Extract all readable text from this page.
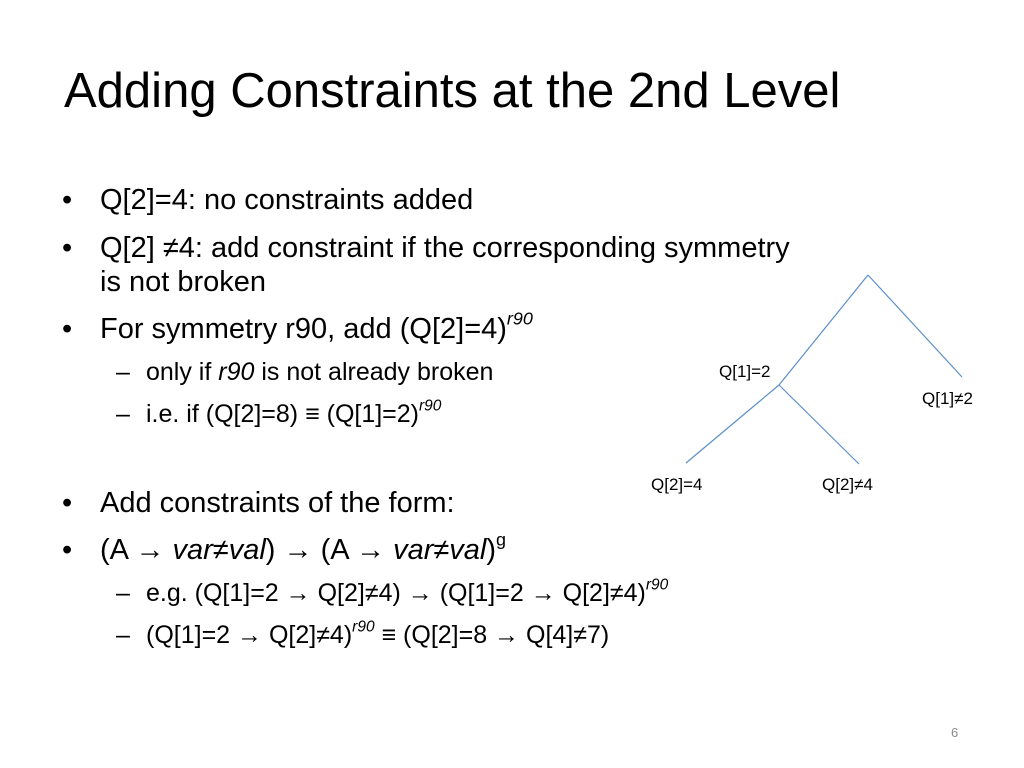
Adding Constraints at the 2nd Level
• Q[2]=4: no constraints added
• Q[2] ≠4: add constraint if the corresponding symmetry
is not broken
• For symmetry r90, add (Q[2]=4)$^{r90}$
– only if r90 is not already broken
– i.e. if (Q[2]=8) ≡ (Q[1]=2)$^{r90}$
• Add constraints of the form:
• (A → var≠val) → (A → var≠val)$^g$
– e.g. (Q[1]=2 → Q[2]≠4) → (Q[1]=2 → Q[2]≠4)$^{r90}$
– (Q[1]=2 → Q[2]≠4)$^{r90}$ ≡ (Q[2]=8 → Q[4]≠7)
Q[1]=2
Q[1]≠2
Q[2]=4	Q[2]≠4
6
